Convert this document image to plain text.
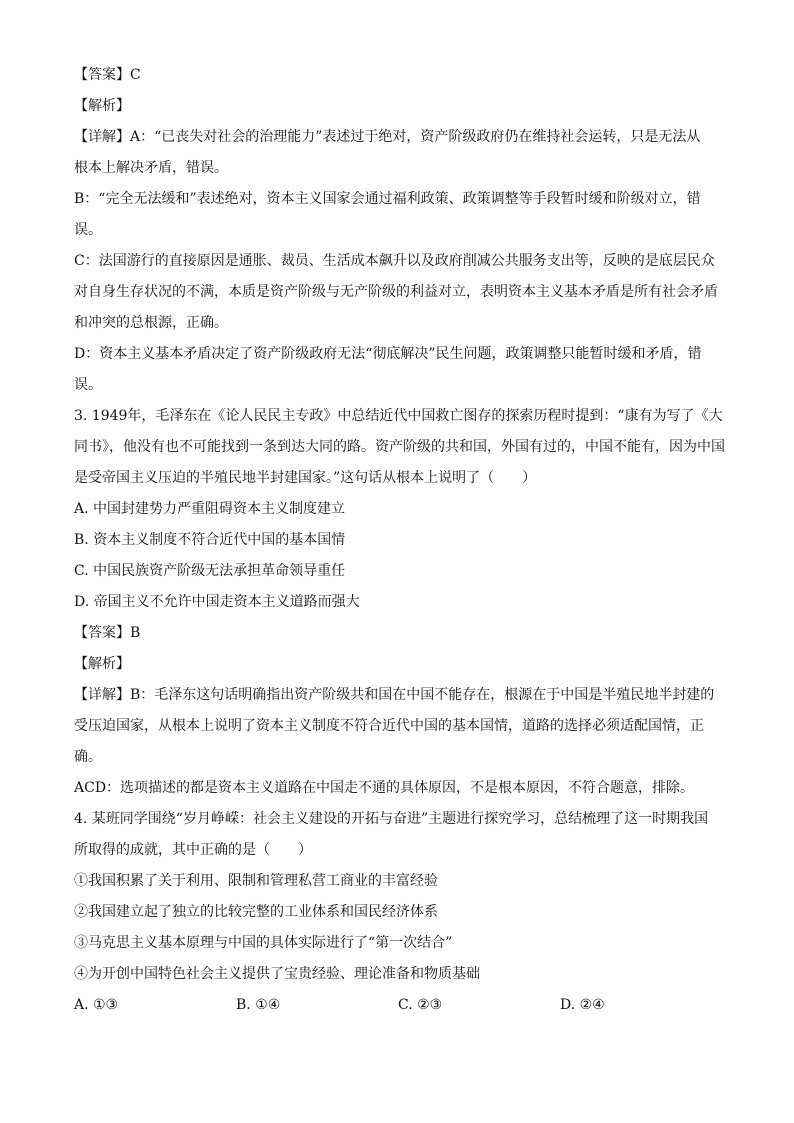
【答案】C
【解析】
【详解】A：“已丧失对社会的治理能力”表述过于绝对，资产阶级政府仍在维持社会运转，只是无法从
根本上解决矛盾，错误。
B：“完全无法缓和”表述绝对，资本主义国家会通过福利政策、政策调整等手段暂时缓和阶级对立，错
误。
C：法国游行的直接原因是通胀、裁员、生活成本飙升以及政府削减公共服务支出等，反映的是底层民众
对自身生存状况的不满，本质是资产阶级与无产阶级的利益对立，表明资本主义基本矛盾是所有社会矛盾
和冲突的总根源，正确。
D：资本主义基本矛盾决定了资产阶级政府无法“彻底解决”民生问题，政策调整只能暂时缓和矛盾，错
误。
3. 1949年，毛泽东在《论人民民主专政》中总结近代中国救亡图存的探索历程时提到：“康有为写了《大
同书》，他没有也不可能找到一条到达大同的路。资产阶级的共和国，外国有过的，中国不能有，因为中国
是受帝国主义压迫的半殖民地半封建国家。”这句话从根本上说明了（　　）
A. 中国封建势力严重阻碍资本主义制度建立
B. 资本主义制度不符合近代中国的基本国情
C. 中国民族资产阶级无法承担革命领导重任
D. 帝国主义不允许中国走资本主义道路而强大
【答案】B
【解析】
【详解】B：毛泽东这句话明确指出资产阶级共和国在中国不能存在，根源在于中国是半殖民地半封建的
受压迫国家，从根本上说明了资本主义制度不符合近代中国的基本国情，道路的选择必须适配国情，正
确。
ACD：选项描述的都是资本主义道路在中国走不通的具体原因，不是根本原因，不符合题意，排除。
4. 某班同学围绕“岁月峥嵘：社会主义建设的开拓与奋进”主题进行探究学习，总结梳理了这一时期我国
所取得的成就，其中正确的是（　　）
①我国积累了关于利用、限制和管理私营工商业的丰富经验
②我国建立起了独立的比较完整的工业体系和国民经济体系
③马克思主义基本原理与中国的具体实际进行了“第一次结合”
④为开创中国特色社会主义提供了宝贵经验、理论准备和物质基础
A. ①③	B. ①④	C. ②③	D. ②④
